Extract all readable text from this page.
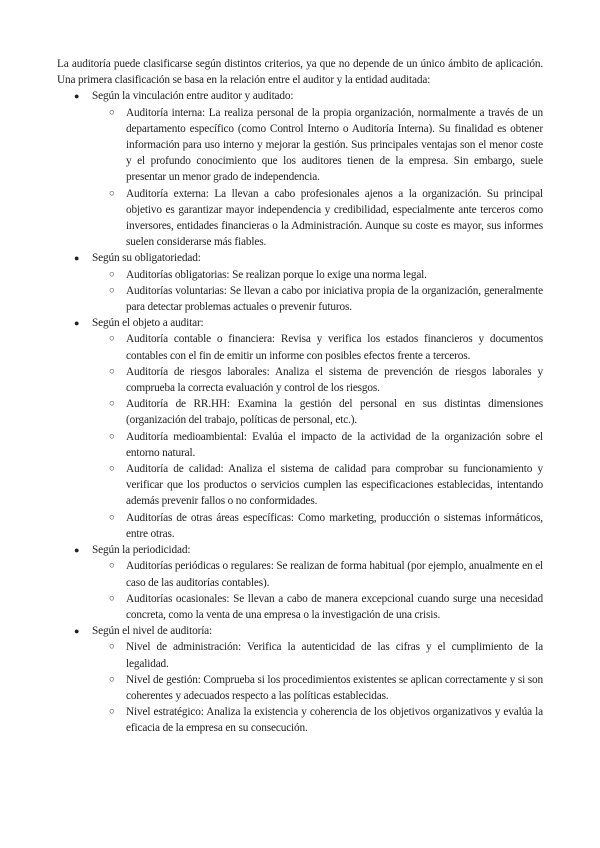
La auditoría puede clasificarse según distintos criterios, ya que no depende de un único ámbito de aplicación. Una primera clasificación se basa en la relación entre el auditor y la entidad auditada:

● Según la vinculación entre auditor y auditado:
○ Auditoría interna: La realiza personal de la propia organización, normalmente a través de un departamento específico (como Control Interno o Auditoría Interna). Su finalidad es obtener información para uso interno y mejorar la gestión. Sus principales ventajas son el menor coste y el profundo conocimiento que los auditores tienen de la empresa. Sin embargo, suele presentar un menor grado de independencia.
○ Auditoría externa: La llevan a cabo profesionales ajenos a la organización. Su principal objetivo es garantizar mayor independencia y credibilidad, especialmente ante terceros como inversores, entidades financieras o la Administración. Aunque su coste es mayor, sus informes suelen considerarse más fiables.
● Según su obligatoriedad:
○ Auditorías obligatorias: Se realizan porque lo exige una norma legal.
○ Auditorías voluntarias: Se llevan a cabo por iniciativa propia de la organización, generalmente para detectar problemas actuales o prevenir futuros.
● Según el objeto a auditar:
○ Auditoría contable o financiera: Revisa y verifica los estados financieros y documentos contables con el fin de emitir un informe con posibles efectos frente a terceros.
○ Auditoría de riesgos laborales: Analiza el sistema de prevención de riesgos laborales y comprueba la correcta evaluación y control de los riesgos.
○ Auditoría de RR.HH: Examina la gestión del personal en sus distintas dimensiones (organización del trabajo, políticas de personal, etc.).
○ Auditoría medioambiental: Evalúa el impacto de la actividad de la organización sobre el entorno natural.
○ Auditoría de calidad: Analiza el sistema de calidad para comprobar su funcionamiento y verificar que los productos o servicios cumplen las especificaciones establecidas, intentando además prevenir fallos o no conformidades.
○ Auditorías de otras áreas específicas: Como marketing, producción o sistemas informáticos, entre otras.
● Según la periodicidad:
○ Auditorías periódicas o regulares: Se realizan de forma habitual (por ejemplo, anualmente en el caso de las auditorías contables).
○ Auditorías ocasionales: Se llevan a cabo de manera excepcional cuando surge una necesidad concreta, como la venta de una empresa o la investigación de una crisis.
● Según el nivel de auditoría:
○ Nivel de administración: Verifica la autenticidad de las cifras y el cumplimiento de la legalidad.
○ Nivel de gestión: Comprueba si los procedimientos existentes se aplican correctamente y si son coherentes y adecuados respecto a las políticas establecidas.
○ Nivel estratégico: Analiza la existencia y coherencia de los objetivos organizativos y evalúa la eficacia de la empresa en su consecución.
